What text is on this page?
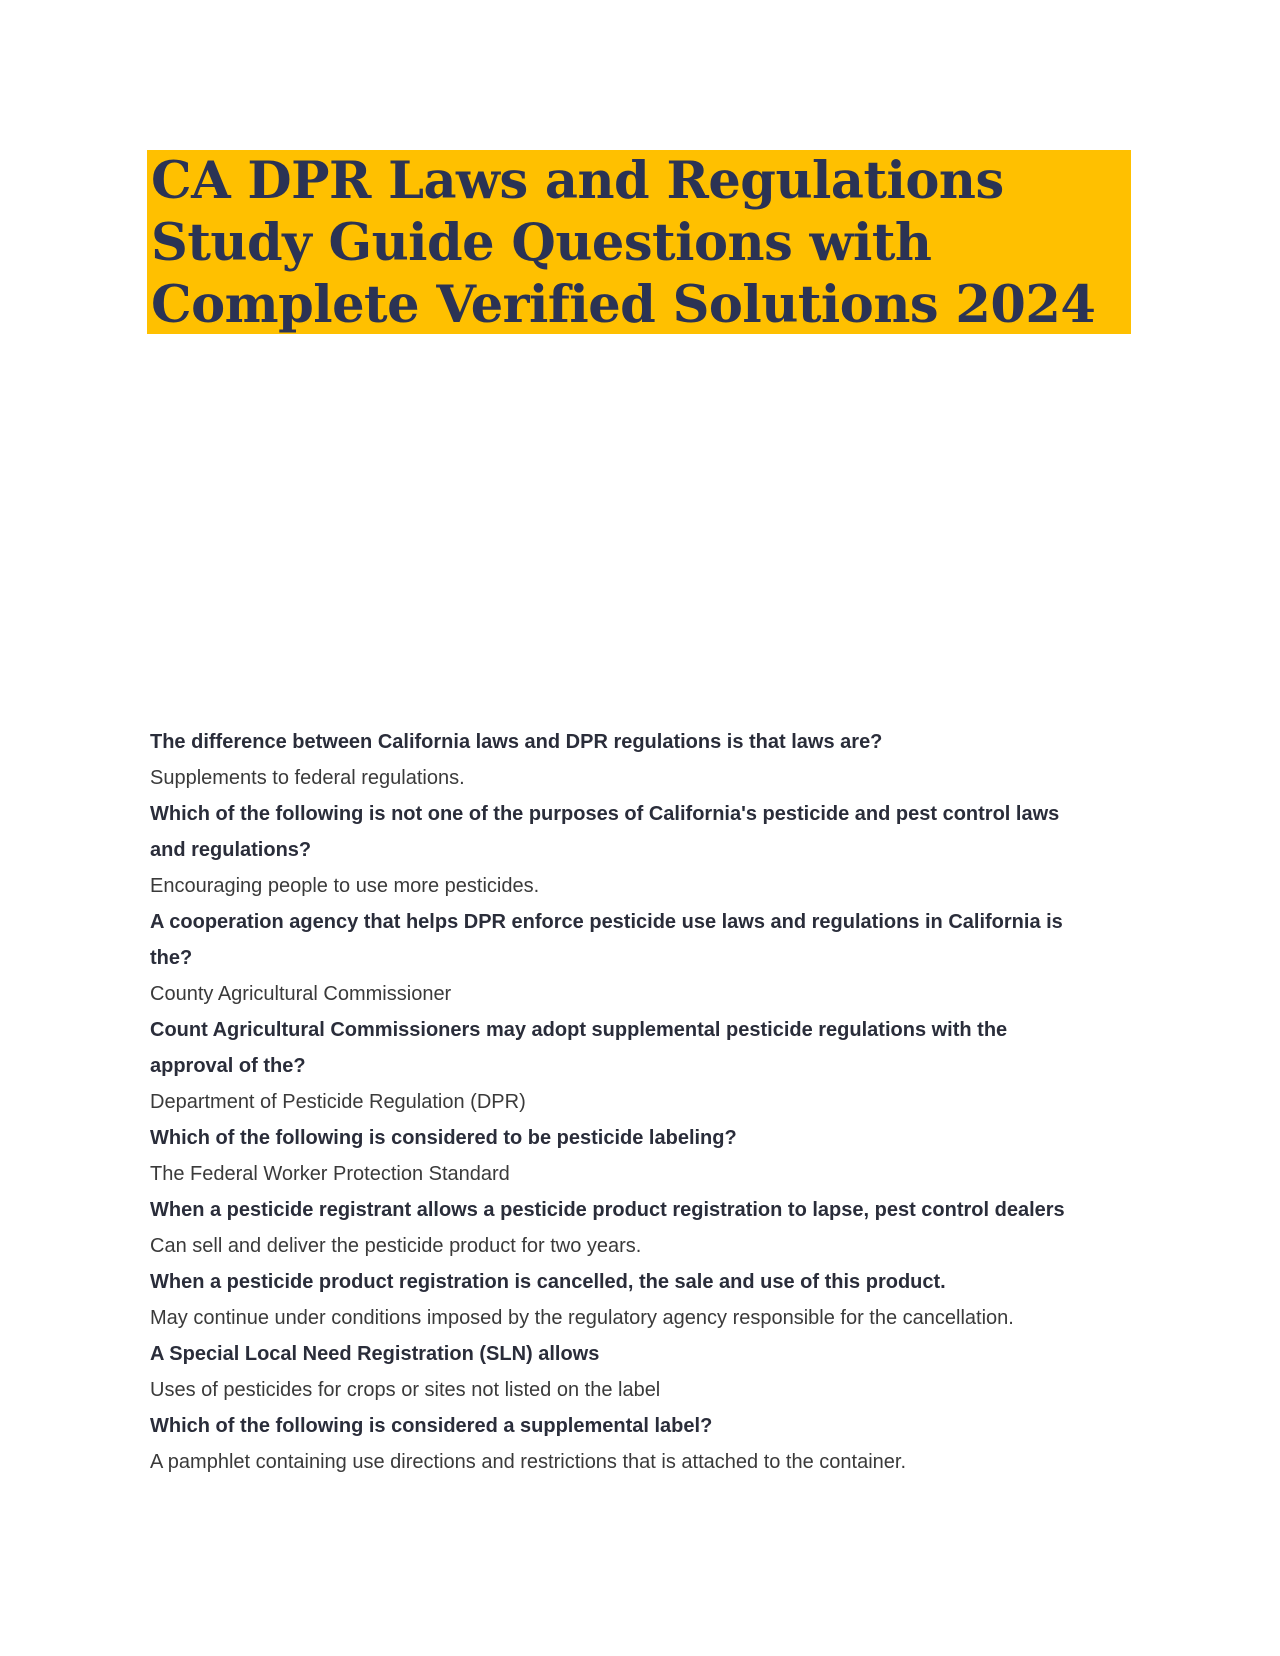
CA DPR Laws and Regulations
Study Guide Questions with
Complete Verified Solutions 2024
The difference between California laws and DPR regulations is that laws are?
Supplements to federal regulations.
Which of the following is not one of the purposes of California's pesticide and pest control laws
and regulations?
Encouraging people to use more pesticides.
A cooperation agency that helps DPR enforce pesticide use laws and regulations in California is
the?
County Agricultural Commissioner
Count Agricultural Commissioners may adopt supplemental pesticide regulations with the
approval of the?
Department of Pesticide Regulation (DPR)
Which of the following is considered to be pesticide labeling?
The Federal Worker Protection Standard
When a pesticide registrant allows a pesticide product registration to lapse, pest control dealers
Can sell and deliver the pesticide product for two years.
When a pesticide product registration is cancelled, the sale and use of this product.
May continue under conditions imposed by the regulatory agency responsible for the cancellation.
A Special Local Need Registration (SLN) allows
Uses of pesticides for crops or sites not listed on the label
Which of the following is considered a supplemental label?
A pamphlet containing use directions and restrictions that is attached to the container.
